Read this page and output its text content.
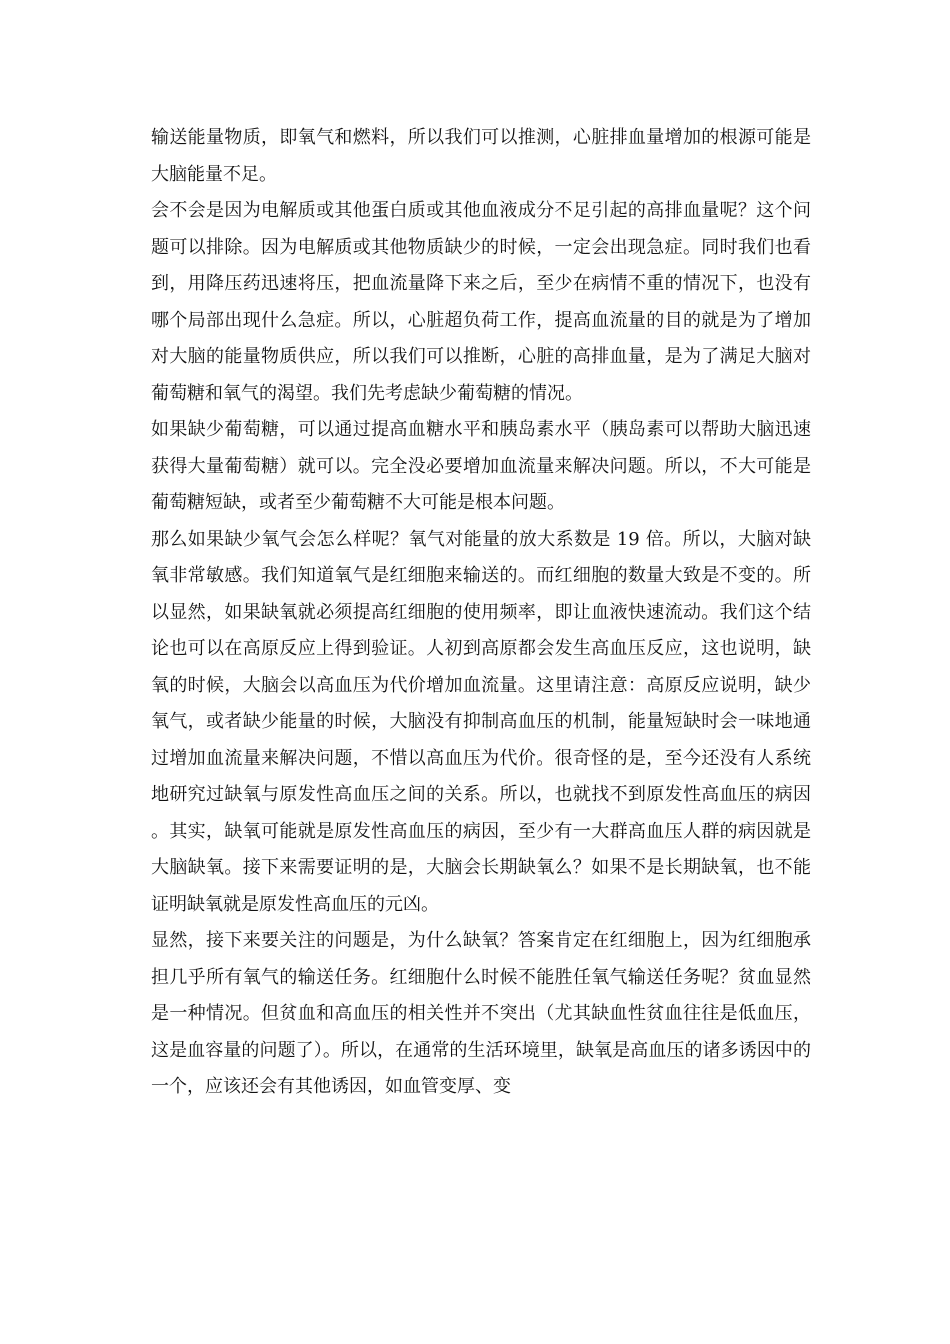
输送能量物质，即氧气和燃料，所以我们可以推测，心脏排血量增加的根源可能是大脑能量不足。

会不会是因为电解质或其他蛋白质或其他血液成分不足引起的高排血量呢？这个问题可以排除。因为电解质或其他物质缺少的时候，一定会出现急症。同时我们也看到，用降压药迅速将压，把血流量降下来之后，至少在病情不重的情况下，也没有哪个局部出现什么急症。所以，心脏超负荷工作，提高血流量的目的就是为了增加对大脑的能量物质供应，所以我们可以推断，心脏的高排血量，是为了满足大脑对葡萄糖和氧气的渴望。我们先考虑缺少葡萄糖的情况。

如果缺少葡萄糖，可以通过提高血糖水平和胰岛素水平（胰岛素可以帮助大脑迅速获得大量葡萄糖）就可以。完全没必要增加血流量来解决问题。所以，不大可能是葡萄糖短缺，或者至少葡萄糖不大可能是根本问题。

那么如果缺少氧气会怎么样呢？氧气对能量的放大系数是 19 倍。所以，大脑对缺氧非常敏感。我们知道氧气是红细胞来输送的。而红细胞的数量大致是不变的。所以显然，如果缺氧就必须提高红细胞的使用频率，即让血液快速流动。我们这个结论也可以在高原反应上得到验证。人初到高原都会发生高血压反应，这也说明，缺氧的时候，大脑会以高血压为代价增加血流量。这里请注意：高原反应说明，缺少氧气，或者缺少能量的时候，大脑没有抑制高血压的机制，能量短缺时会一味地通过增加血流量来解决问题，不惜以高血压为代价。很奇怪的是，至今还没有人系统地研究过缺氧与原发性高血压之间的关系。所以，也就找不到原发性高血压的病因。其实，缺氧可能就是原发性高血压的病因，至少有一大群高血压人群的病因就是大脑缺氧。接下来需要证明的是，大脑会长期缺氧么？如果不是长期缺氧，也不能证明缺氧就是原发性高血压的元凶。

显然，接下来要关注的问题是，为什么缺氧？答案肯定在红细胞上，因为红细胞承担几乎所有氧气的输送任务。红细胞什么时候不能胜任氧气输送任务呢？贫血显然是一种情况。但贫血和高血压的相关性并不突出（尤其缺血性贫血往往是低血压，这是血容量的问题了）。所以，在通常的生活环境里，缺氧是高血压的诸多诱因中的一个，应该还会有其他诱因，如血管变厚、变
